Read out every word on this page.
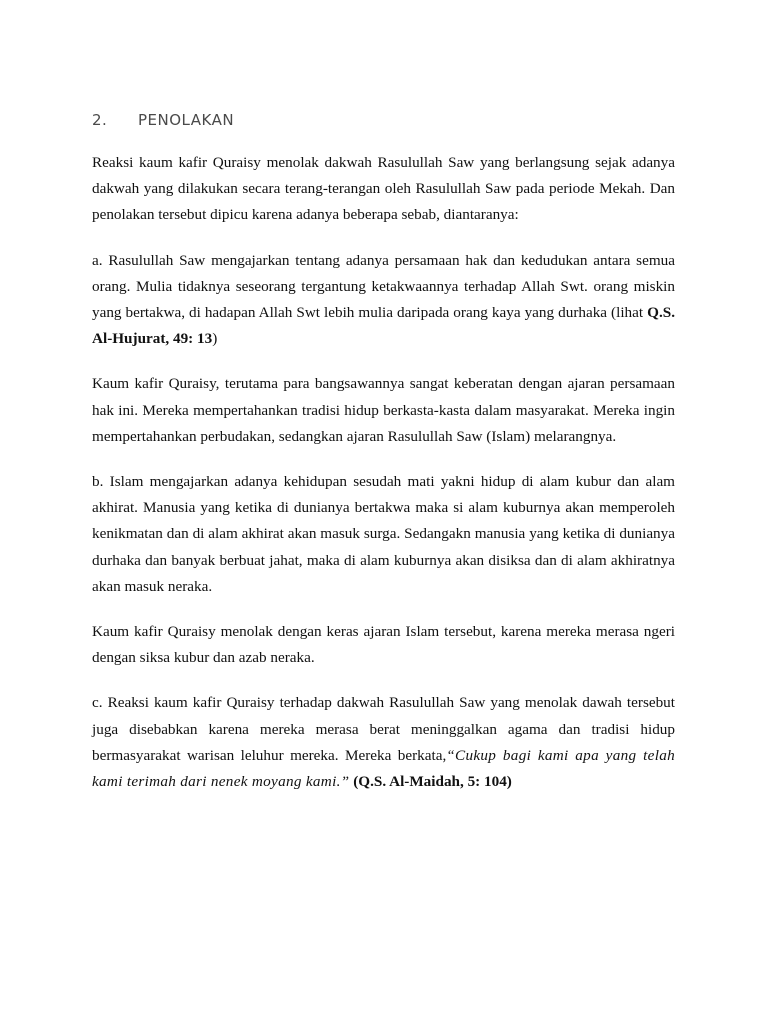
2. PENOLAKAN

Reaksi kaum kafir Quraisy menolak dakwah Rasulullah Saw yang berlangsung sejak adanya dakwah yang dilakukan secara terang-terangan oleh Rasulullah Saw pada periode Mekah. Dan penolakan tersebut dipicu karena adanya beberapa sebab, diantaranya:

a. Rasulullah Saw mengajarkan tentang adanya persamaan hak dan kedudukan antara semua orang. Mulia tidaknya seseorang tergantung ketakwaannya terhadap Allah Swt. orang miskin yang bertakwa, di hadapan Allah Swt lebih mulia daripada orang kaya yang durhaka (lihat Q.S. Al-Hujurat, 49: 13)

Kaum kafir Quraisy, terutama para bangsawannya sangat keberatan dengan ajaran persamaan hak ini. Mereka mempertahankan tradisi hidup berkasta-kasta dalam masyarakat. Mereka ingin mempertahankan perbudakan, sedangkan ajaran Rasulullah Saw (Islam) melarangnya.

b. Islam mengajarkan adanya kehidupan sesudah mati yakni hidup di alam kubur dan alam akhirat. Manusia yang ketika di dunianya bertakwa maka si alam kuburnya akan memperoleh kenikmatan dan di alam akhirat akan masuk surga. Sedangakn manusia yang ketika di dunianya durhaka dan banyak berbuat jahat, maka di alam kuburnya akan disiksa dan di alam akhiratnya akan masuk neraka.

Kaum kafir Quraisy menolak dengan keras ajaran Islam tersebut, karena mereka merasa ngeri dengan siksa kubur dan azab neraka.

c. Reaksi kaum kafir Quraisy terhadap dakwah Rasulullah Saw yang menolak dawah tersebut juga disebabkan karena mereka merasa berat meninggalkan agama dan tradisi hidup bermasyarakat warisan leluhur mereka. Mereka berkata,“Cukup bagi kami apa yang telah kami terimah dari nenek moyang kami.” (Q.S. Al-Maidah, 5: 104)
